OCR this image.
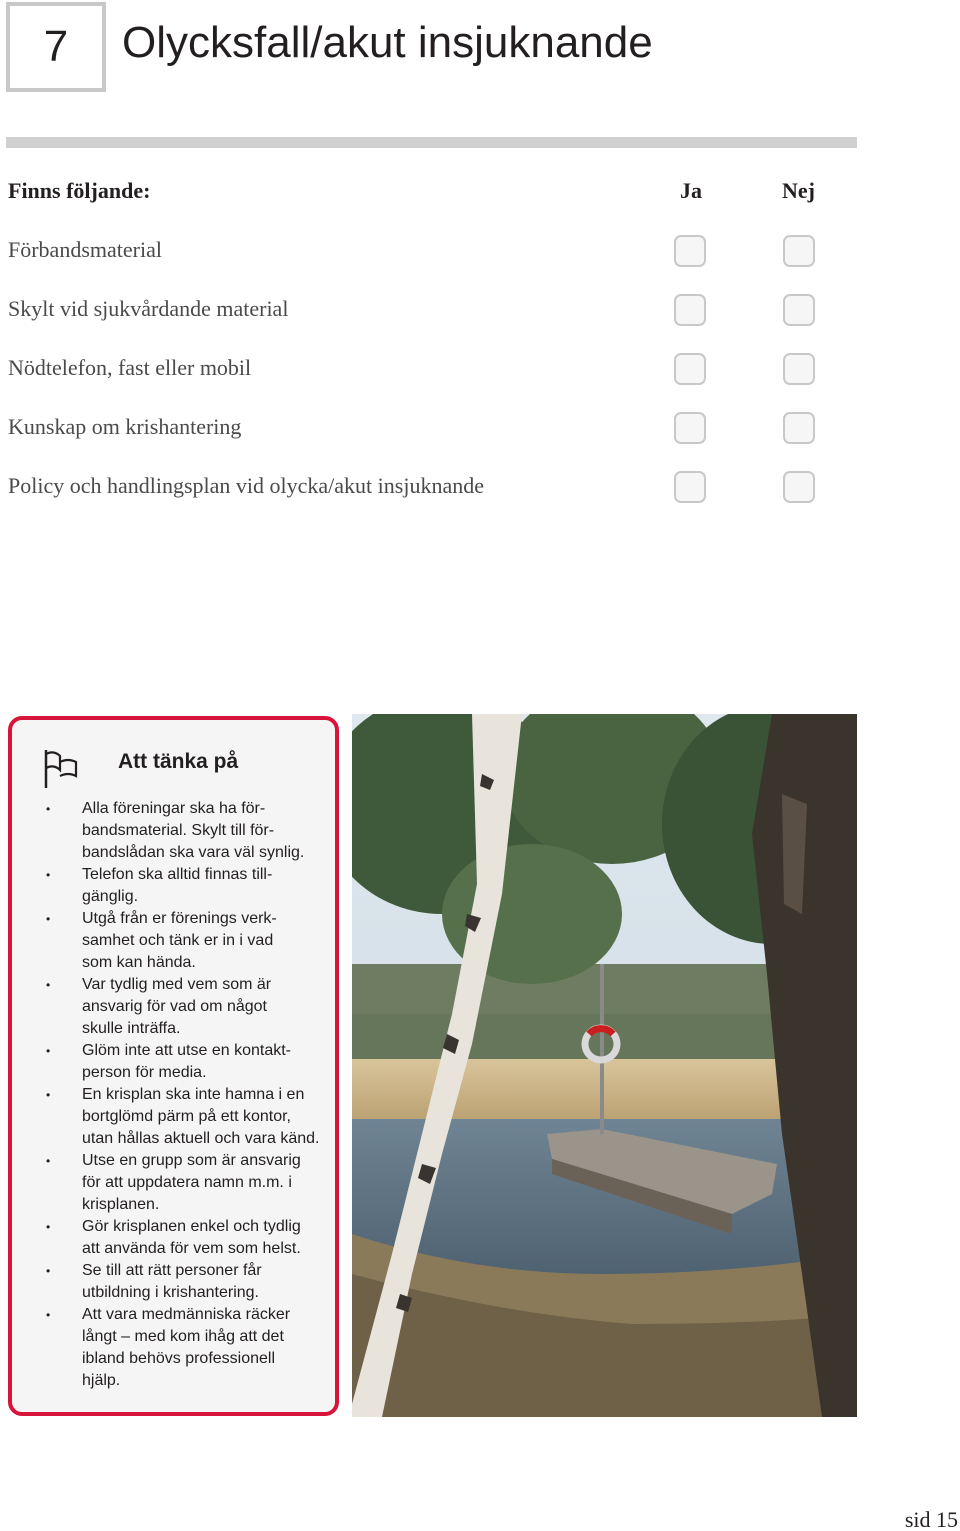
7	Olycksfall/akut insjuknande
Finns följande:	Ja	Nej
Förbandsmaterial
Skylt vid sjukvårdande material
Nödtelefon, fast eller mobil
Kunskap om krishantering
Policy och handlingsplan vid olycka/akut insjuknande
Att tänka på
• Alla föreningar ska ha för-
bandsmaterial. Skylt till för-
bandslådan ska vara väl synlig.
• Telefon ska alltid finnas till-
gänglig.
• Utgå från er förenings verk-
samhet och tänk er in i vad
som kan hända.
• Var tydlig med vem som är
ansvarig för vad om något
skulle inträffa.
• Glöm inte att utse en kontakt-
person för media.
• En krisplan ska inte hamna i en
bortglömd pärm på ett kontor,
utan hållas aktuell och vara känd.
• Utse en grupp som är ansvarig
för att uppdatera namn m.m. i
krisplanen.
• Gör krisplanen enkel och tydlig
att använda för vem som helst.
• Se till att rätt personer får
utbildning i krishantering.
• Att vara medmänniska räcker
långt – med kom ihåg att det
ibland behövs professionell
hjälp.
sid 15
